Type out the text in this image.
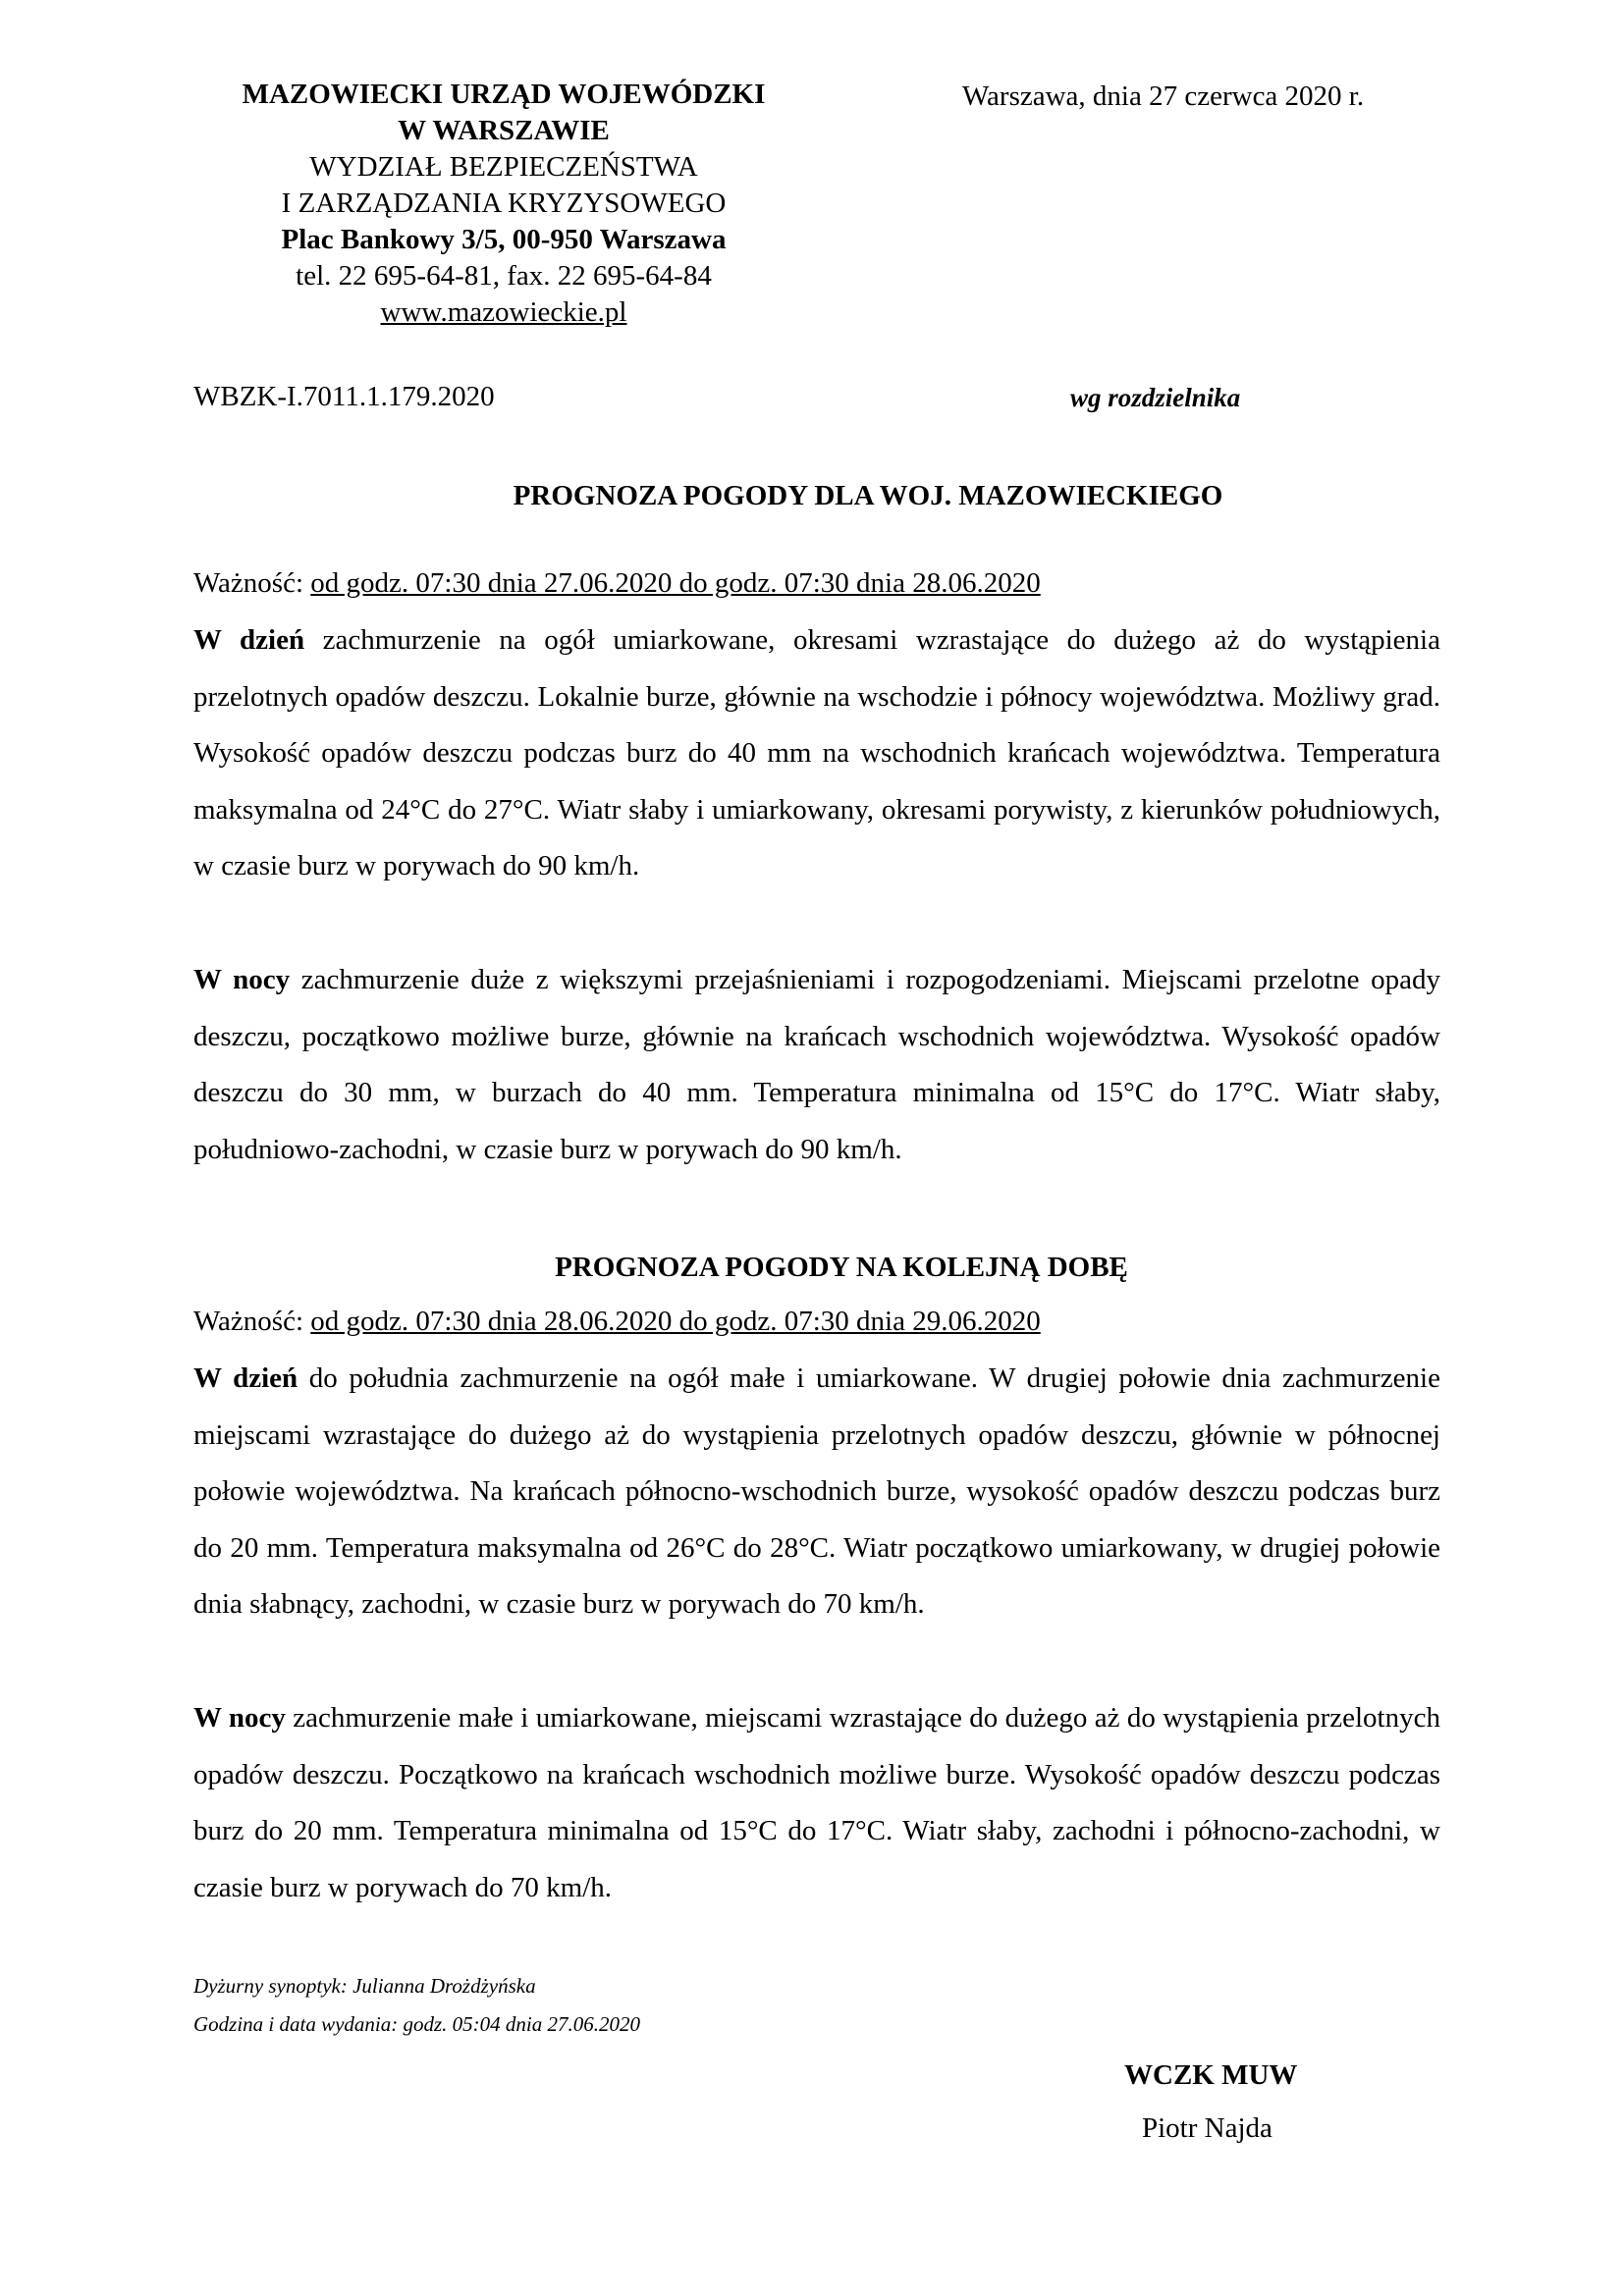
MAZOWIECKI URZĄD WOJEWÓDZKI
W WARSZAWIE
WYDZIAŁ BEZPIECZEŃSTWA
I ZARZĄDZANIA KRYZYSOWEGO
Plac Bankowy 3/5, 00-950 Warszawa
tel. 22 695-64-81, fax. 22 695-64-84
www.mazowieckie.pl
Warszawa, dnia 27 czerwca 2020 r.
WBZK-I.7011.1.179.2020	wg rozdzielnika
PROGNOZA POGODY DLA WOJ. MAZOWIECKIEGO
Ważność: od godz. 07:30 dnia 27.06.2020 do godz. 07:30 dnia 28.06.2020
W dzień zachmurzenie na ogół umiarkowane, okresami wzrastające do dużego aż do wystąpienia przelotnych opadów deszczu. Lokalnie burze, głównie na wschodzie i północy województwa. Możliwy grad. Wysokość opadów deszczu podczas burz do 40 mm na wschodnich krańcach województwa. Temperatura maksymalna od 24°C do 27°C. Wiatr słaby i umiarkowany, okresami porywisty, z kierunków południowych, w czasie burz w porywach do 90 km/h.
W nocy zachmurzenie duże z większymi przejaśnieniami i rozpogodzeniami. Miejscami przelotne opady deszczu, początkowo możliwe burze, głównie na krańcach wschodnich województwa. Wysokość opadów deszczu do 30 mm, w burzach do 40 mm. Temperatura minimalna od 15°C do 17°C. Wiatr słaby, południowo-zachodni, w czasie burz w porywach do 90 km/h.
PROGNOZA POGODY NA KOLEJNĄ DOBĘ
Ważność: od godz. 07:30 dnia 28.06.2020 do godz. 07:30 dnia 29.06.2020
W dzień do południa zachmurzenie na ogół małe i umiarkowane. W drugiej połowie dnia zachmurzenie miejscami wzrastające do dużego aż do wystąpienia przelotnych opadów deszczu, głównie w północnej połowie województwa. Na krańcach północno-wschodnich burze, wysokość opadów deszczu podczas burz do 20 mm. Temperatura maksymalna od 26°C do 28°C. Wiatr początkowo umiarkowany, w drugiej połowie dnia słabnący, zachodni, w czasie burz w porywach do 70 km/h.
W nocy zachmurzenie małe i umiarkowane, miejscami wzrastające do dużego aż do wystąpienia przelotnych opadów deszczu. Początkowo na krańcach wschodnich możliwe burze. Wysokość opadów deszczu podczas burz do 20 mm. Temperatura minimalna od 15°C do 17°C. Wiatr słaby, zachodni i północno-zachodni, w czasie burz w porywach do 70 km/h.
Dyżurny synoptyk: Julianna Drożdżyńska
Godzina i data wydania: godz. 05:04 dnia 27.06.2020
WCZK MUW
Piotr Najda
